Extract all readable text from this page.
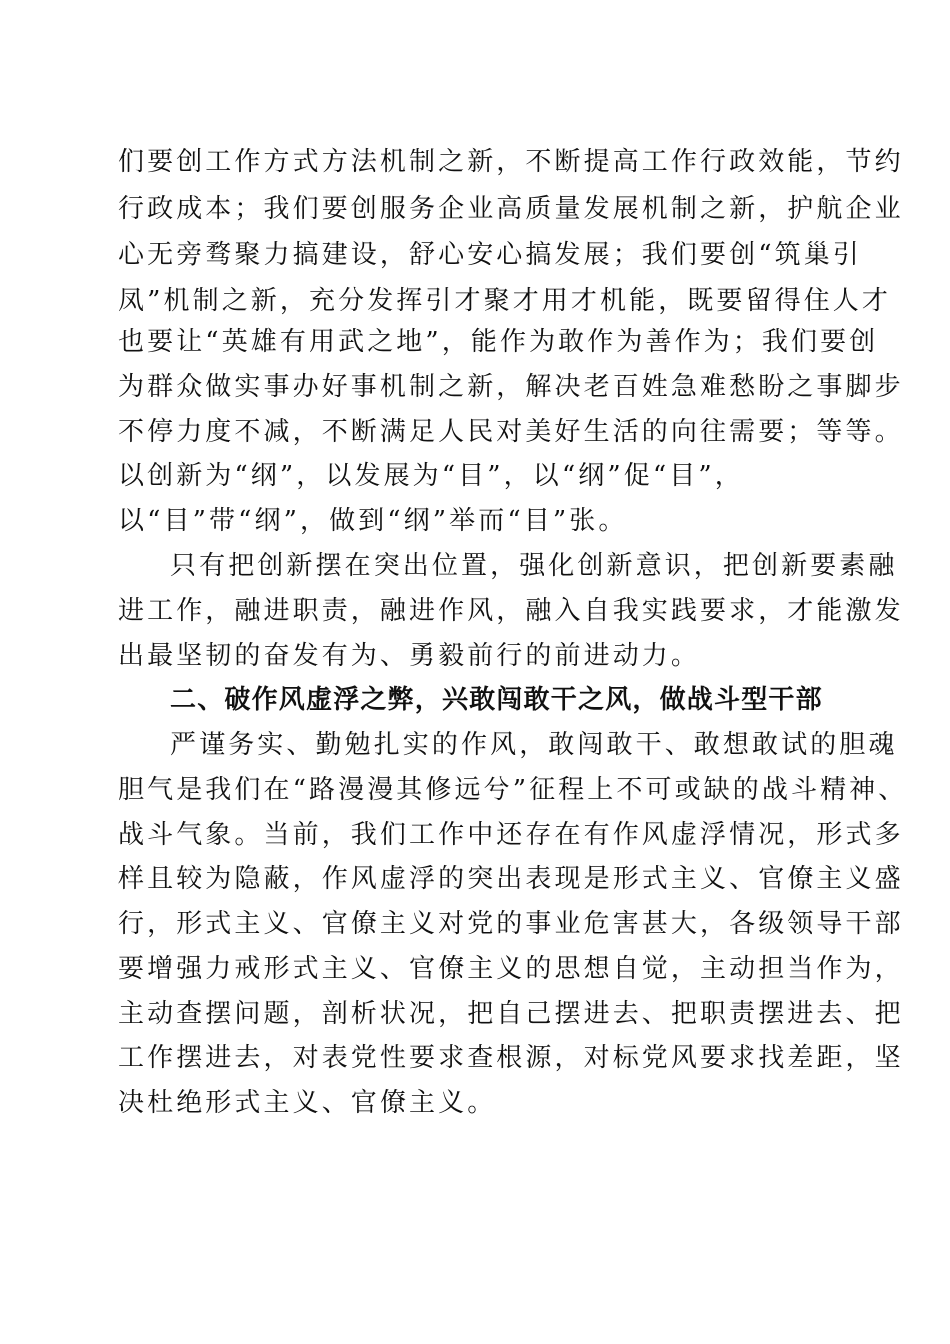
们要创工作方式方法机制之新，不断提高工作行政效能，节约
行政成本；我们要创服务企业高质量发展机制之新，护航企业
心无旁骛聚力搞建设，舒心安心搞发展；我们要创“筑巢引
凤”机制之新，充分发挥引才聚才用才机能，既要留得住人才
也要让“英雄有用武之地”，能作为敢作为善作为；我们要创
为群众做实事办好事机制之新，解决老百姓急难愁盼之事脚步
不停力度不减，不断满足人民对美好生活的向往需要；等等。
以创新为“纲”，以发展为“目”，以“纲”促“目”，
以“目”带“纲”，做到“纲”举而“目”张。
只有把创新摆在突出位置，强化创新意识，把创新要素融
进工作，融进职责，融进作风，融入自我实践要求，才能激发
出最坚韧的奋发有为、勇毅前行的前进动力。
二、破作风虚浮之弊，兴敢闯敢干之风，做战斗型干部
严谨务实、勤勉扎实的作风，敢闯敢干、敢想敢试的胆魂
胆气是我们在“路漫漫其修远兮”征程上不可或缺的战斗精神、
战斗气象。当前，我们工作中还存在有作风虚浮情况，形式多
样且较为隐蔽，作风虚浮的突出表现是形式主义、官僚主义盛
行，形式主义、官僚主义对党的事业危害甚大，各级领导干部
要增强力戒形式主义、官僚主义的思想自觉，主动担当作为，
主动查摆问题，剖析状况，把自己摆进去、把职责摆进去、把
工作摆进去，对表党性要求查根源，对标党风要求找差距，坚
决杜绝形式主义、官僚主义。
